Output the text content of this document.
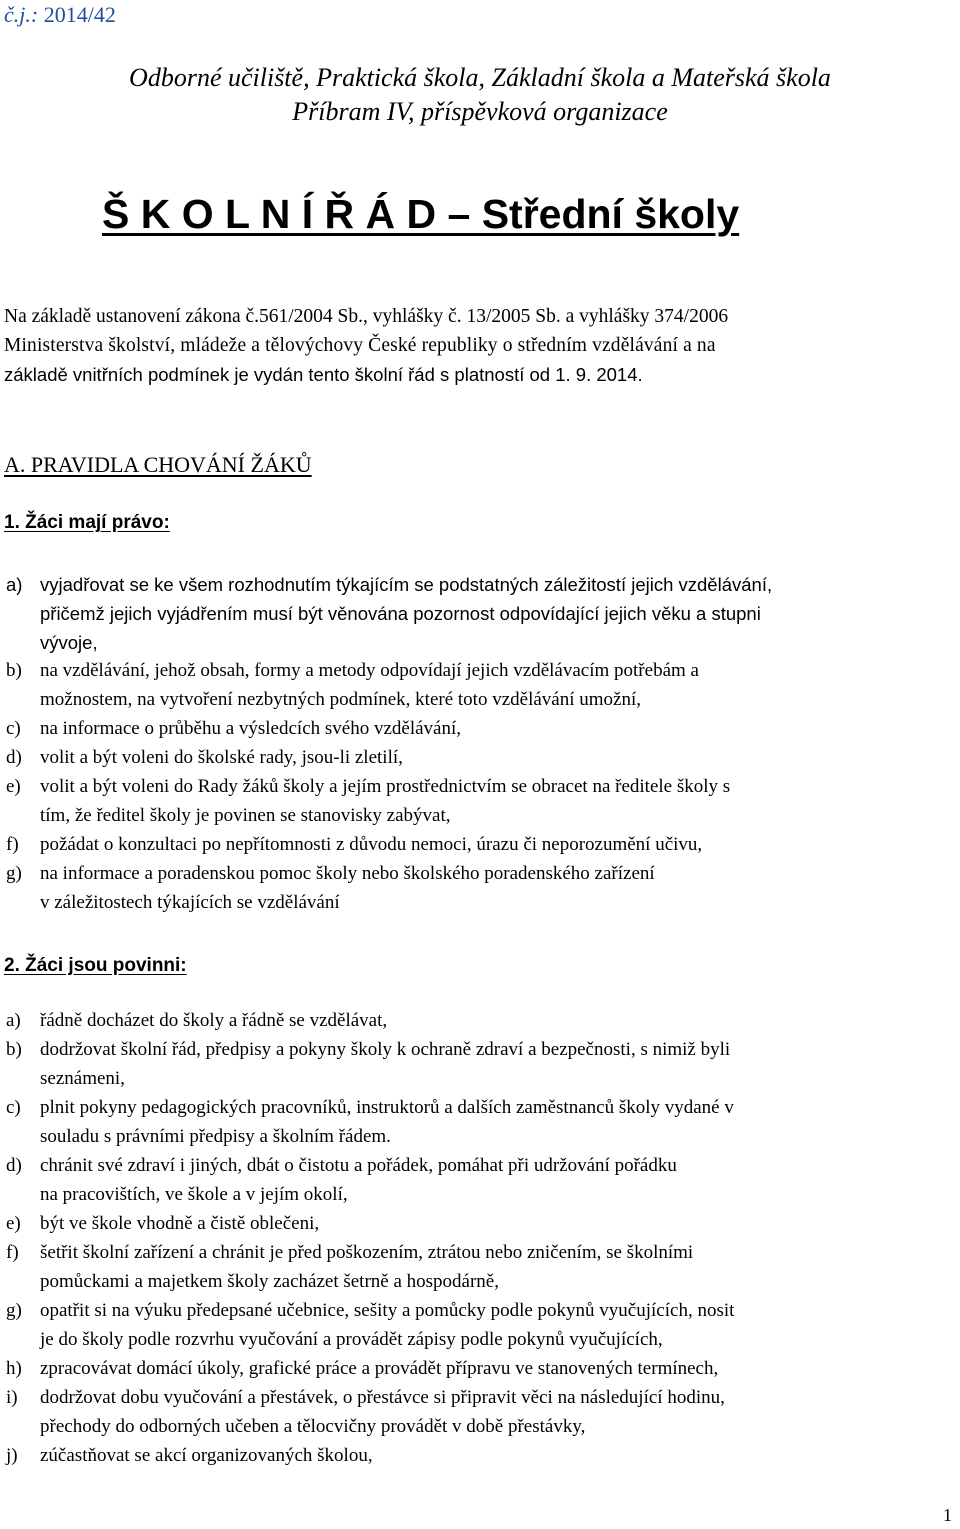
č.j.: 2014/42
Odborné učiliště, Praktická škola, Základní škola a Mateřská škola
Příbram IV, příspěvková organizace
Š K O L N Í Ř Á D – Střední školy
Na základě ustanovení zákona č.561/2004 Sb., vyhlášky č. 13/2005 Sb. a vyhlášky 374/2006
Ministerstva školství, mládeže a tělovýchovy České republiky o středním vzdělávání a na
základě vnitřních podmínek je vydán tento školní řád s platností od 1. 9. 2014.
A. PRAVIDLA CHOVÁNÍ ŽÁKŮ
1. Žáci mají právo:
a) vyjadřovat se ke všem rozhodnutím týkajícím se podstatných záležitostí jejich vzdělávání,
přičemž jejich vyjádřením musí být věnována pozornost odpovídající jejich věku a stupni
vývoje,
b) na vzdělávání, jehož obsah, formy a metody odpovídají jejich vzdělávacím potřebám a
možnostem, na vytvoření nezbytných podmínek, které toto vzdělávání umožní,
c) na informace o průběhu a výsledcích svého vzdělávání,
d) volit a být voleni do školské rady, jsou-li zletilí,
e) volit a být voleni do Rady žáků školy a jejím prostřednictvím se obracet na ředitele školy s
tím, že ředitel školy je povinen se stanovisky zabývat,
f) požádat o konzultaci po nepřítomnosti z důvodu nemoci, úrazu či neporozumění učivu,
g) na informace a poradenskou pomoc školy nebo školského poradenského zařízení
v záležitostech týkajících se vzdělávání
2. Žáci jsou povinni:
a) řádně docházet do školy a řádně se vzdělávat,
b) dodržovat školní řád, předpisy a pokyny školy k ochraně zdraví a bezpečnosti, s nimiž byli
seznámeni,
c) plnit pokyny pedagogických pracovníků, instruktorů a dalších zaměstnanců školy vydané v
souladu s právními předpisy a školním řádem.
d) chránit své zdraví i jiných, dbát o čistotu a pořádek, pomáhat při udržování pořádku
na pracovištích, ve škole a v jejím okolí,
e) být ve škole vhodně a čistě oblečeni,
f) šetřit školní zařízení a chránit je před poškozením, ztrátou nebo zničením, se školními
pomůckami a majetkem školy zacházet šetrně a hospodárně,
g) opatřit si na výuku předepsané učebnice, sešity a pomůcky podle pokynů vyučujících, nosit
je do školy podle rozvrhu vyučování a provádět zápisy podle pokynů vyučujících,
h) zpracovávat domácí úkoly, grafické práce a provádět přípravu ve stanovených termínech,
i) dodržovat dobu vyučování a přestávek, o přestávce si připravit věci na následující hodinu,
přechody do odborných učeben a tělocvičny provádět v době přestávky,
j) zúčastňovat se akcí organizovaných školou,
1
